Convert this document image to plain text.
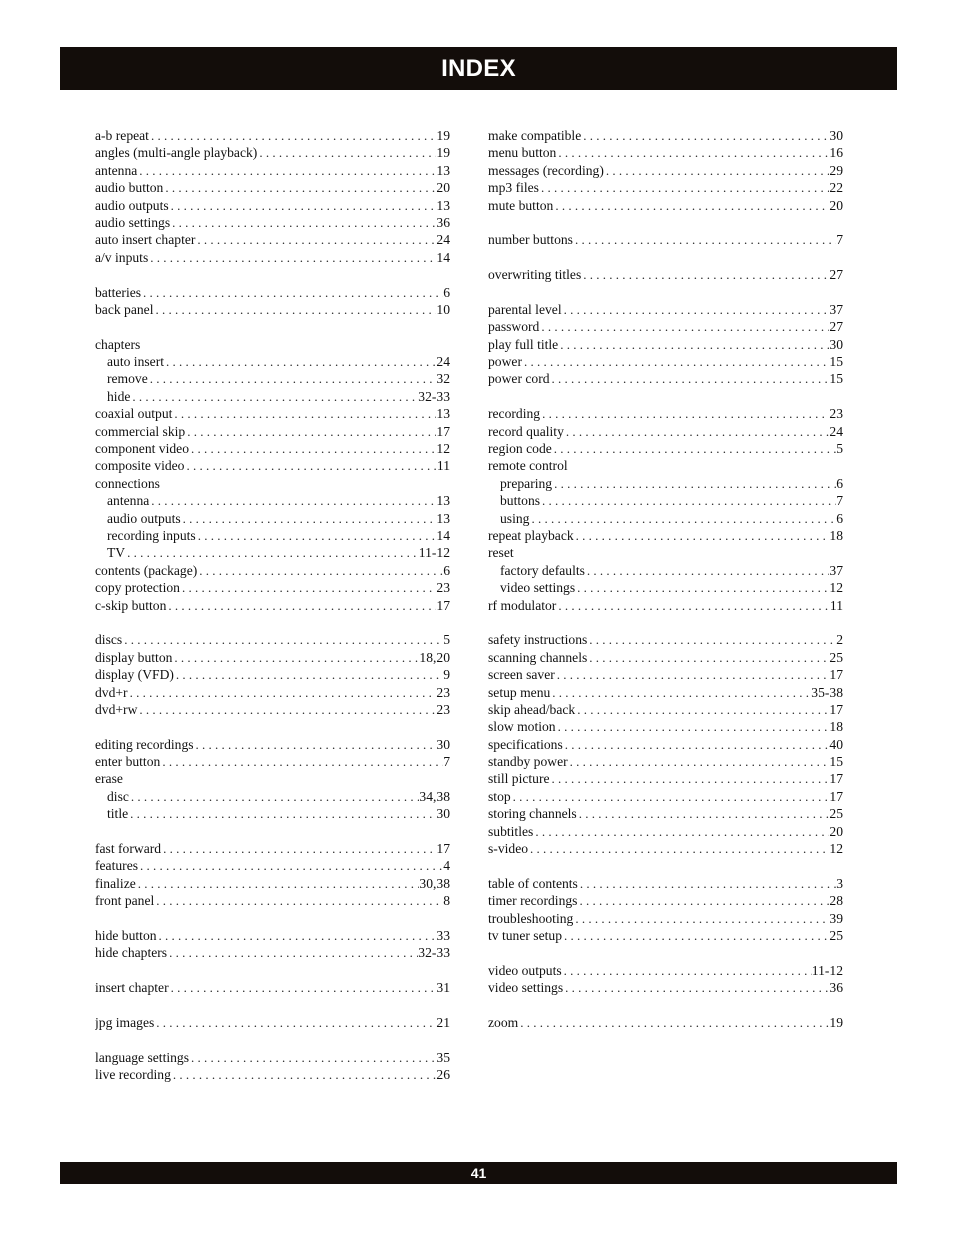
INDEX
a-b repeat . . .	19
angles (multi-angle playback) . . .	19
antenna . . .	13
audio button . . .	20
audio outputs . . .	13
audio settings . . .	36
auto insert chapter . . .	24
a/v inputs . . .	14
batteries . . .	6
back panel . . .	10
chapters
auto insert . . .	24
remove . . .	32
hide . . .	32-33
coaxial output . . .	13
commercial skip . . .	17
component video . . .	12
composite video . . .	11
connections
antenna . . .	13
audio outputs . . .	13
recording inputs . . .	14
TV . . .	11-12
contents (package) . . .	6
copy protection . . .	23
c-skip button . . .	17
discs . . .	5
display button . . .	18,20
display (VFD) . . .	9
dvd+r . . .	23
dvd+rw . . .	23
editing recordings . . .	30
enter button . . .	7
erase
disc . . .	34,38
title . . .	30
fast forward . . .	17
features . . .	4
finalize . . .	30,38
front panel . . .	8
hide button . . .	33
hide chapters . . .	32-33
insert chapter . . .	31
jpg images . . .	21
language settings . . .	35
live recording . . .	26
make compatible . . .	30
menu button . . .	16
messages (recording) . . .	29
mp3 files . . .	22
mute button . . .	20
number buttons . . .	7
overwriting titles . . .	27
parental level . . .	37
password . . .	27
play full title . . .	30
power . . .	15
power cord . . .	15
recording . . .	23
record quality . . .	24
region code . . .	5
remote control
preparing . . .	6
buttons . . .	7
using . . .	6
repeat playback . . .	18
reset
factory defaults . . .	37
video settings . . .	12
rf modulator . . .	11
safety instructions . . .	2
scanning channels . . .	25
screen saver . . .	17
setup menu . . .	35-38
skip ahead/back . . .	17
slow motion . . .	18
specifications . . .	40
standby power . . .	15
still picture . . .	17
stop . . .	17
storing channels . . .	25
subtitles . . .	20
s-video . . .	12
table of contents . . .	3
timer recordings . . .	28
troubleshooting . . .	39
tv tuner setup . . .	25
video outputs . . .	11-12
video settings . . .	36
zoom . . .	19
41
